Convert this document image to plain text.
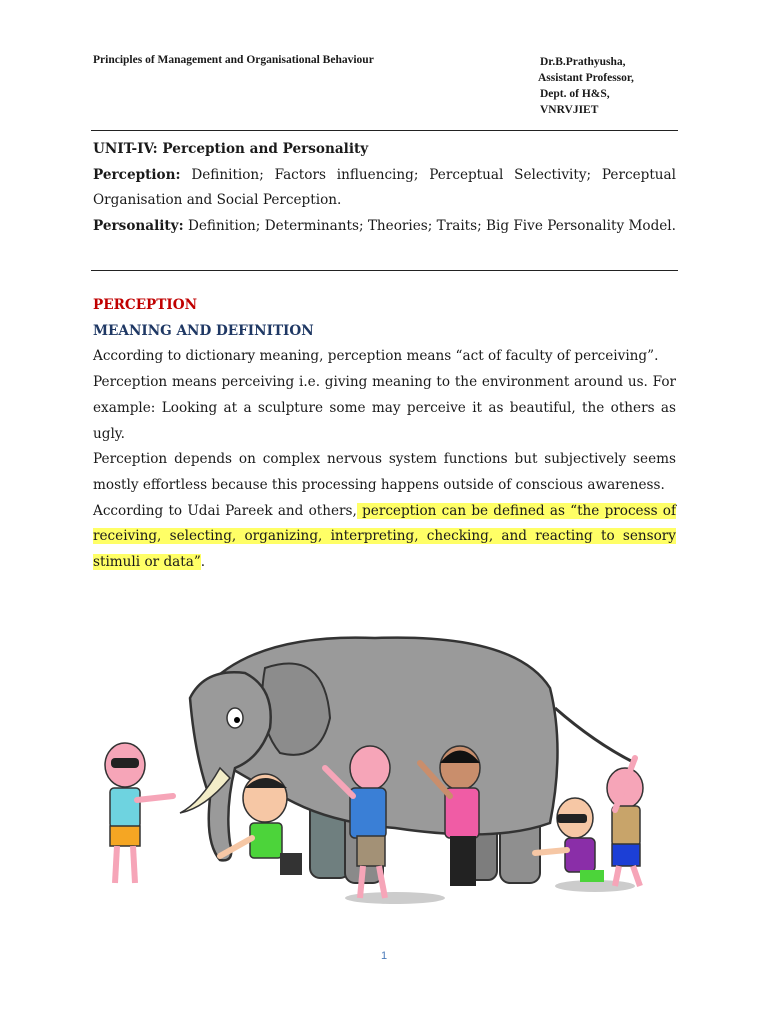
Principles of Management and Organisational Behaviour	Dr.B.Prathyusha,
Assistant Professor,
Dept. of H&S,
VNRVJIET

UNIT-IV: Perception and Personality

Perception: Definition; Factors influencing; Perceptual Selectivity; Perceptual Organisation and Social Perception.

Personality: Definition; Determinants; Theories; Traits; Big Five Personality Model.

PERCEPTION

MEANING AND DEFINITION

According to dictionary meaning, perception means “act of faculty of perceiving”.

Perception means perceiving i.e. giving meaning to the environment around us. For example: Looking at a sculpture some may perceive it as beautiful, the others as ugly.

Perception depends on complex nervous system functions but subjectively seems mostly effortless because this processing happens outside of conscious awareness.

According to Udai Pareek and others, perception can be defined as “the process of receiving, selecting, organizing, interpreting, checking, and reacting to sensory stimuli or data”.

1
